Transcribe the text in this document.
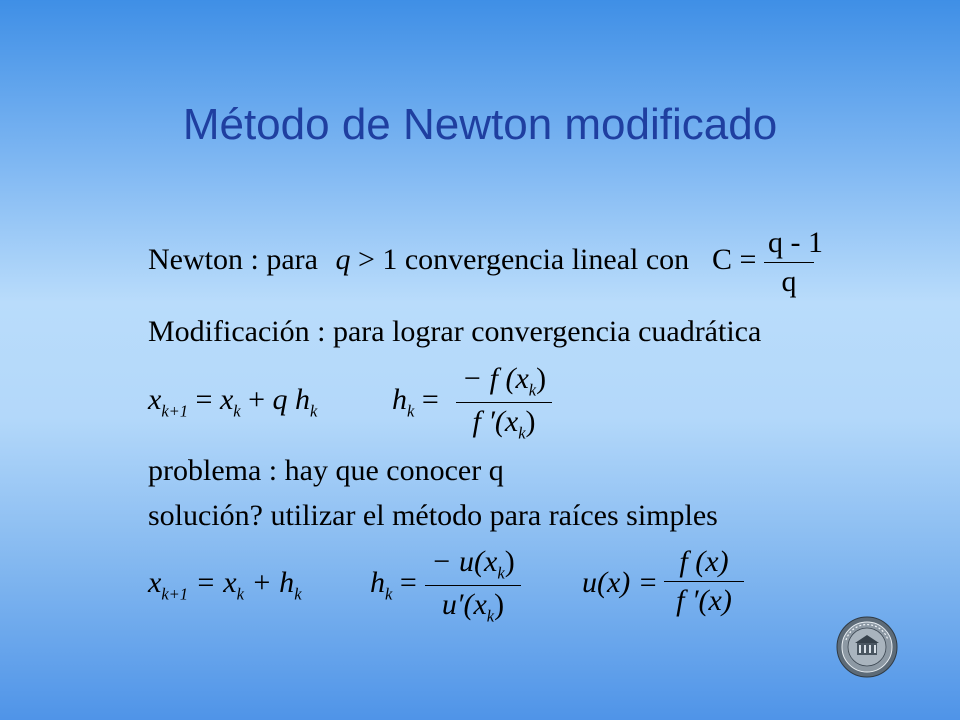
Método de Newton modificado
Newton : para q > 1 convergencia lineal con C =
q - 1
q
Modificación : para lograr convergencia cuadrática
$x_{k+1} = x_k + q$ $h_k$ $h_k$ =
− f $(x_k)$
f $'(x_k)$
problema : hay que conocer q
solución? utilizar el método para raíces simples
$x_{k+1} = x_k + h_k$ $h_k$ =
− $u(x_k)$
$u'(x_k)$
u(x) =
f (x)
f ′(x)
